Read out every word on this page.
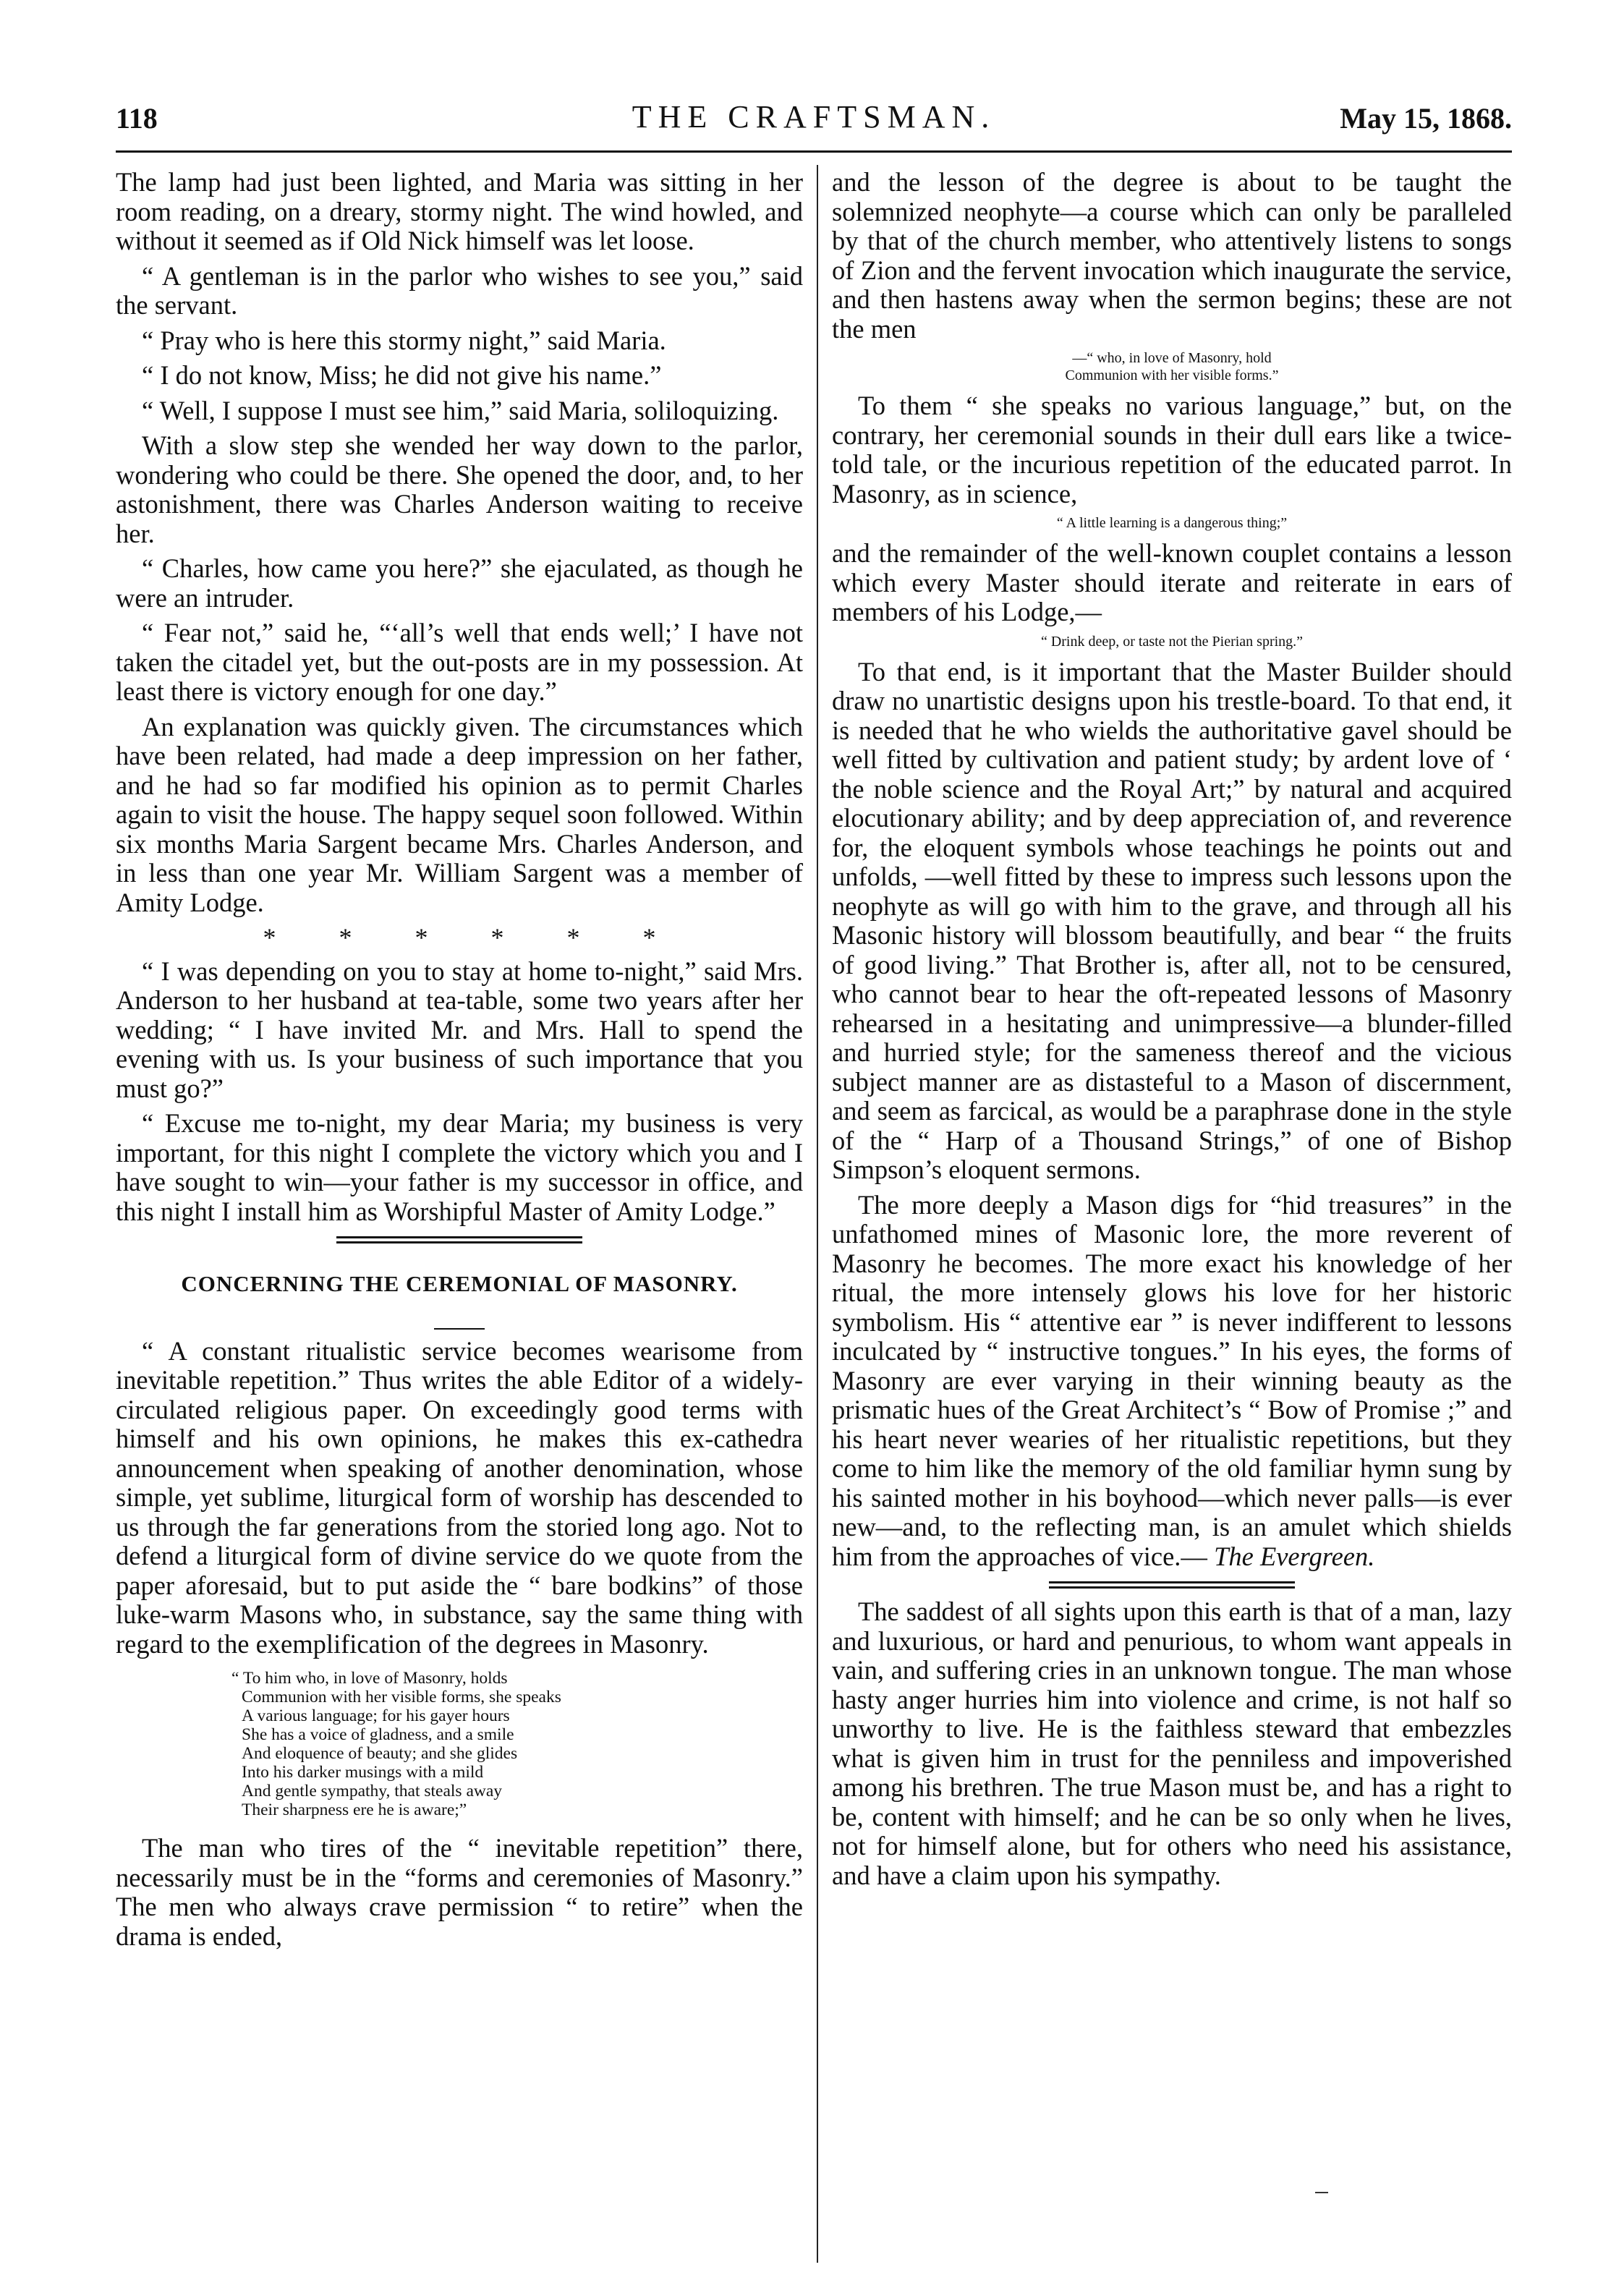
118	THE CRAFTSMAN.	May 15, 1868.

The lamp had just been lighted, and Maria was sitting in her room reading, on a dreary, stormy night. The wind howled, and without it seemed as if Old Nick himself was let loose.

“ A gentleman is in the parlor who wishes to see you,” said the servant.

“ Pray who is here this stormy night,” said Maria.

“ I do not know, Miss; he did not give his name.”

“ Well, I suppose I must see him,” said Maria, soliloquizing.

With a slow step she wended her way down to the parlor, wondering who could be there. She opened the door, and, to her astonishment, there was Charles Anderson waiting to receive her.

“ Charles, how came you here?” she ejaculated, as though he were an intruder.

“ Fear not,” said he, “‘all’s well that ends well;’ I have not taken the citadel yet, but the out-posts are in my possession. At least there is victory enough for one day.”

An explanation was quickly given. The circumstances which have been related, had made a deep impression on her father, and he had so far modified his opinion as to permit Charles again to visit the house. The happy sequel soon followed. Within six months Maria Sargent became Mrs. Charles Anderson, and in less than one year Mr. William Sargent was a member of Amity Lodge.

* * * * * *

“ I was depending on you to stay at home to-night,” said Mrs. Anderson to her husband at tea-table, some two years after her wedding; “ I have invited Mr. and Mrs. Hall to spend the evening with us. Is your business of such importance that you must go?”

“ Excuse me to-night, my dear Maria; my business is very important, for this night I complete the victory which you and I have sought to win—your father is my successor in office, and this night I install him as Worshipful Master of Amity Lodge.”

CONCERNING THE CEREMONIAL OF MASONRY.

“ A constant ritualistic service becomes wearisome from inevitable repetition.” Thus writes the able Editor of a widely-circulated religious paper. On exceedingly good terms with himself and his own opinions, he makes this ex-cathedra announcement when speaking of another denomination, whose simple, yet sublime, liturgical form of worship has descended to us through the far generations from the storied long ago. Not to defend a liturgical form of divine service do we quote from the paper aforesaid, but to put aside the “ bare bodkins” of those luke-warm Masons who, in substance, say the same thing with regard to the exemplification of the degrees in Masonry.

“ To him who, in love of Masonry, holds
Communion with her visible forms, she speaks
A various language; for his gayer hours
She has a voice of gladness, and a smile
And eloquence of beauty; and she glides
Into his darker musings with a mild
And gentle sympathy, that steals away
Their sharpness ere he is aware;”

The man who tires of the “ inevitable repetition” there, necessarily must be in the “forms and ceremonies of Masonry.” The men who always crave permission “ to retire” when the drama is ended,

and the lesson of the degree is about to be taught the solemnized neophyte—a course which can only be paralleled by that of the church member, who attentively listens to songs of Zion and the fervent invocation which inaugurate the service, and then hastens away when the sermon begins; these are not the men

—“ who, in love of Masonry, hold
Communion with her visible forms.”

To them “ she speaks no various language,” but, on the contrary, her ceremonial sounds in their dull ears like a twice-told tale, or the incurious repetition of the educated parrot. In Masonry, as in science,

“ A little learning is a dangerous thing;”

and the remainder of the well-known couplet contains a lesson which every Master should iterate and reiterate in ears of members of his Lodge,—

“ Drink deep, or taste not the Pierian spring.”

To that end, is it important that the Master Builder should draw no unartistic designs upon his trestle-board. To that end, it is needed that he who wields the authoritative gavel should be well fitted by cultivation and patient study; by ardent love of ‘ the noble science and the Royal Art;” by natural and acquired elocutionary ability; and by deep appreciation of, and reverence for, the eloquent symbols whose teachings he points out and unfolds, —well fitted by these to impress such lessons upon the neophyte as will go with him to the grave, and through all his Masonic history will blossom beautifully, and bear “ the fruits of good living.” That Brother is, after all, not to be censured, who cannot bear to hear the oft-repeated lessons of Masonry rehearsed in a hesitating and unimpressive—a blunder-filled and hurried style; for the sameness thereof and the vicious subject manner are as distasteful to a Mason of discernment, and seem as farcical, as would be a paraphrase done in the style of the “ Harp of a Thousand Strings,” of one of Bishop Simpson’s eloquent sermons.

The more deeply a Mason digs for “hid treasures” in the unfathomed mines of Masonic lore, the more reverent of Masonry he becomes. The more exact his knowledge of her ritual, the more intensely glows his love for her historic symbolism. His “ attentive ear ” is never indifferent to lessons inculcated by “ instructive tongues.” In his eyes, the forms of Masonry are ever varying in their winning beauty as the prismatic hues of the Great Architect’s “ Bow of Promise ;” and his heart never wearies of her ritualistic repetitions, but they come to him like the memory of the old familiar hymn sung by his sainted mother in his boyhood—which never palls—is ever new—and, to the reflecting man, is an amulet which shields him from the approaches of vice.— The Evergreen.

The saddest of all sights upon this earth is that of a man, lazy and luxurious, or hard and penurious, to whom want appeals in vain, and suffering cries in an unknown tongue. The man whose hasty anger hurries him into violence and crime, is not half so unworthy to live. He is the faithless steward that embezzles what is given him in trust for the penniless and impoverished among his brethren. The true Mason must be, and has a right to be, content with himself; and he can be so only when he lives, not for himself alone, but for others who need his assistance, and have a claim upon his sympathy.
